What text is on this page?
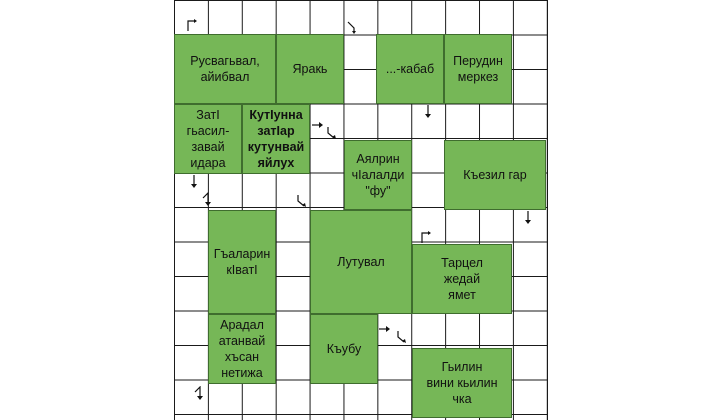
Русвагьвал,
айибвал
Яракь	...-кабаб
Перудин
меркез
ЗатI
гьасил-
завай
идара
КутIунна
затIар
кутунвай
яйлух	Аялрин
чIалалди
"фу"
Къезил гар
Гъаларин
кIватI
Лутувал	Тарцел
жедай
ямет
Арадал
атанвай
хъсан
нетижа
Къубу
Гьилин
вини кьилин
чка
